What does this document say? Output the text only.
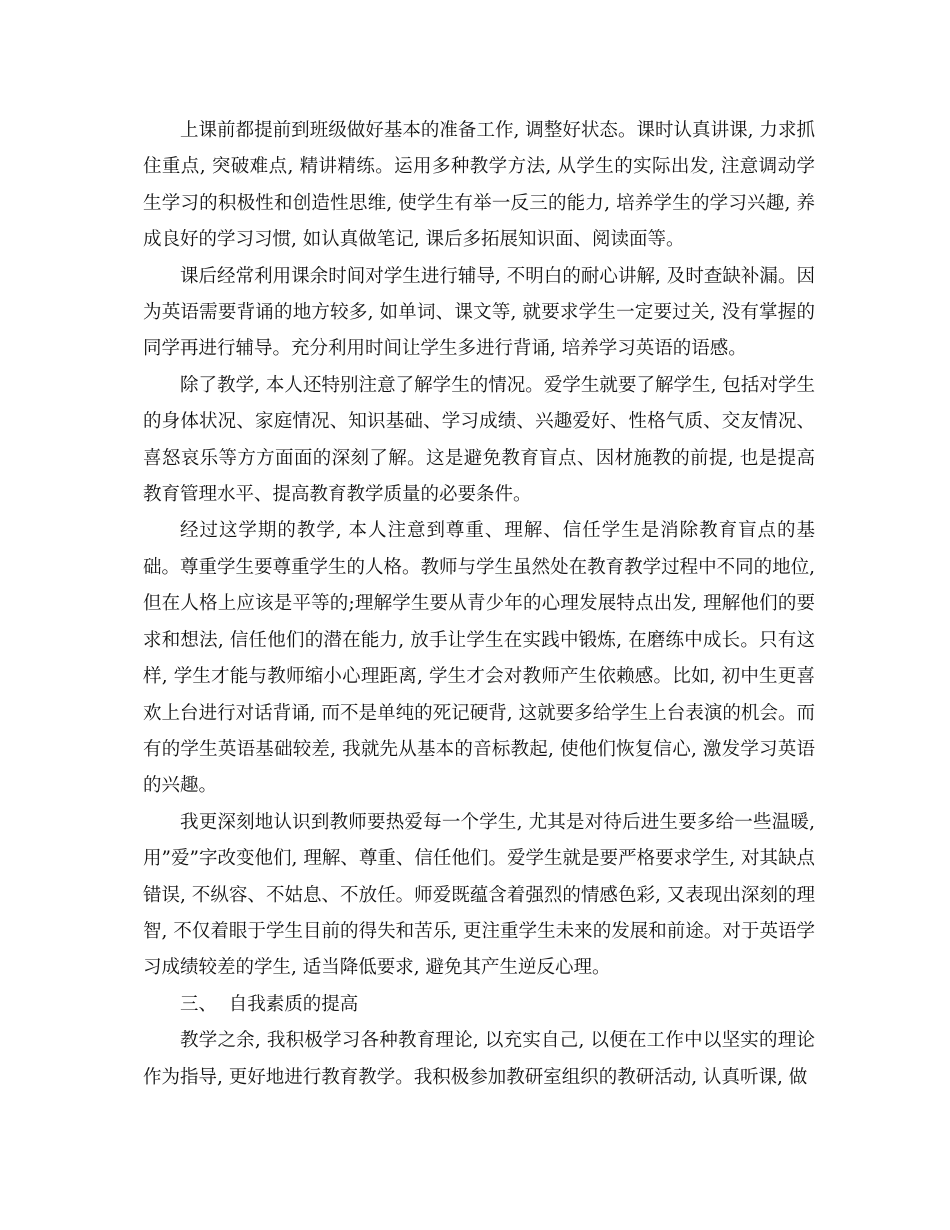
上课前都提前到班级做好基本的准备工作, 调整好状态。课时认真讲课, 力求抓住重点, 突破难点, 精讲精练。运用多种教学方法, 从学生的实际出发, 注意调动学生学习的积极性和创造性思维, 使学生有举一反三的能力, 培养学生的学习兴趣, 养成良好的学习习惯, 如认真做笔记, 课后多拓展知识面、阅读面等。

课后经常利用课余时间对学生进行辅导, 不明白的耐心讲解, 及时查缺补漏。因为英语需要背诵的地方较多, 如单词、课文等, 就要求学生一定要过关, 没有掌握的同学再进行辅导。充分利用时间让学生多进行背诵, 培养学习英语的语感。

除了教学, 本人还特别注意了解学生的情况。爱学生就要了解学生, 包括对学生的身体状况、家庭情况、知识基础、学习成绩、兴趣爱好、性格气质、交友情况、喜怒哀乐等方方面面的深刻了解。这是避免教育盲点、因材施教的前提, 也是提高教育管理水平、提高教育教学质量的必要条件。

经过这学期的教学, 本人注意到尊重、理解、信任学生是消除教育盲点的基础。尊重学生要尊重学生的人格。教师与学生虽然处在教育教学过程中不同的地位, 但在人格上应该是平等的;理解学生要从青少年的心理发展特点出发, 理解他们的要求和想法, 信任他们的潜在能力, 放手让学生在实践中锻炼, 在磨练中成长。只有这样, 学生才能与教师缩小心理距离, 学生才会对教师产生依赖感。比如, 初中生更喜欢上台进行对话背诵, 而不是单纯的死记硬背, 这就要多给学生上台表演的机会。而有的学生英语基础较差, 我就先从基本的音标教起, 使他们恢复信心, 激发学习英语的兴趣。

我更深刻地认识到教师要热爱每一个学生, 尤其是对待后进生要多给一些温暖, 用”爱”字改变他们, 理解、尊重、信任他们。爱学生就是要严格要求学生, 对其缺点错误, 不纵容、不姑息、不放任。师爱既蕴含着强烈的情感色彩, 又表现出深刻的理智, 不仅着眼于学生目前的得失和苦乐, 更注重学生未来的发展和前途。对于英语学习成绩较差的学生, 适当降低要求, 避免其产生逆反心理。

三、  自我素质的提高

教学之余, 我积极学习各种教育理论, 以充实自己, 以便在工作中以坚实的理论作为指导, 更好地进行教育教学。我积极参加教研室组织的教研活动, 认真听课, 做
